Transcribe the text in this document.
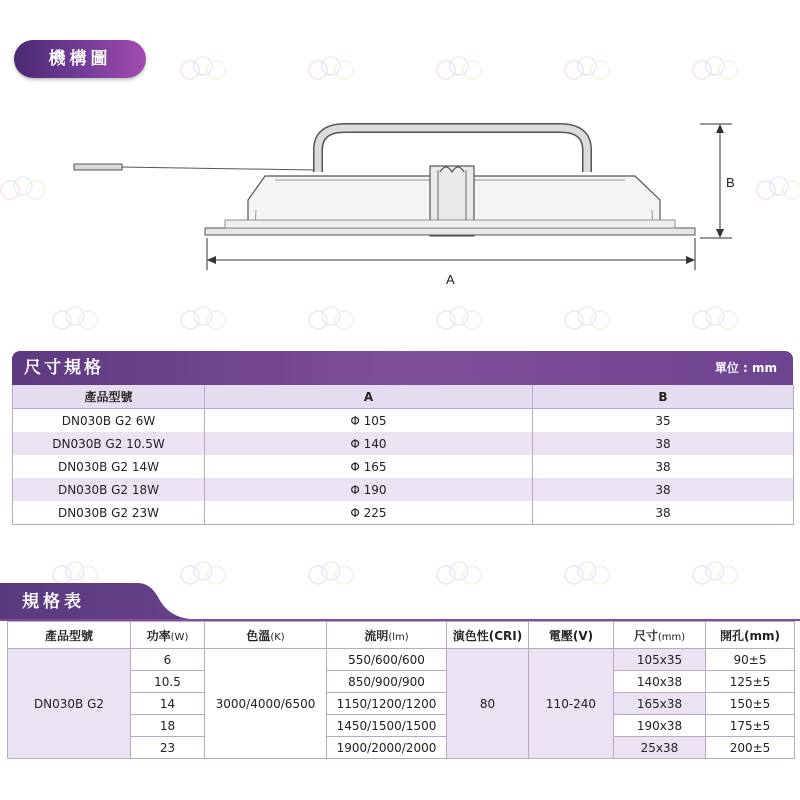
機構圖
A
B
尺寸規格	單位 : mm
產品型號	A	B
DN030B G2 6W	Φ 105	35
DN030B G2 10.5W	Φ 140	38
DN030B G2 14W	Φ 165	38
DN030B G2 18W	Φ 190	38
DN030B G2 23W	Φ 225	38
規格表
產品型號	功率(W)	色溫(K)	流明(lm)	演色性(CRI)	電壓(V)	尺寸(mm)	開孔(mm)
DN030B G2	6	3000/4000/6500	550/600/600	80	110-240	105x35	90±5
	10.5		850/900/900			140x38	125±5
	14		1150/1200/1200			165x38	150±5
	18		1450/1500/1500			190x38	175±5
	23		1900/2000/2000			25x38	200±5
